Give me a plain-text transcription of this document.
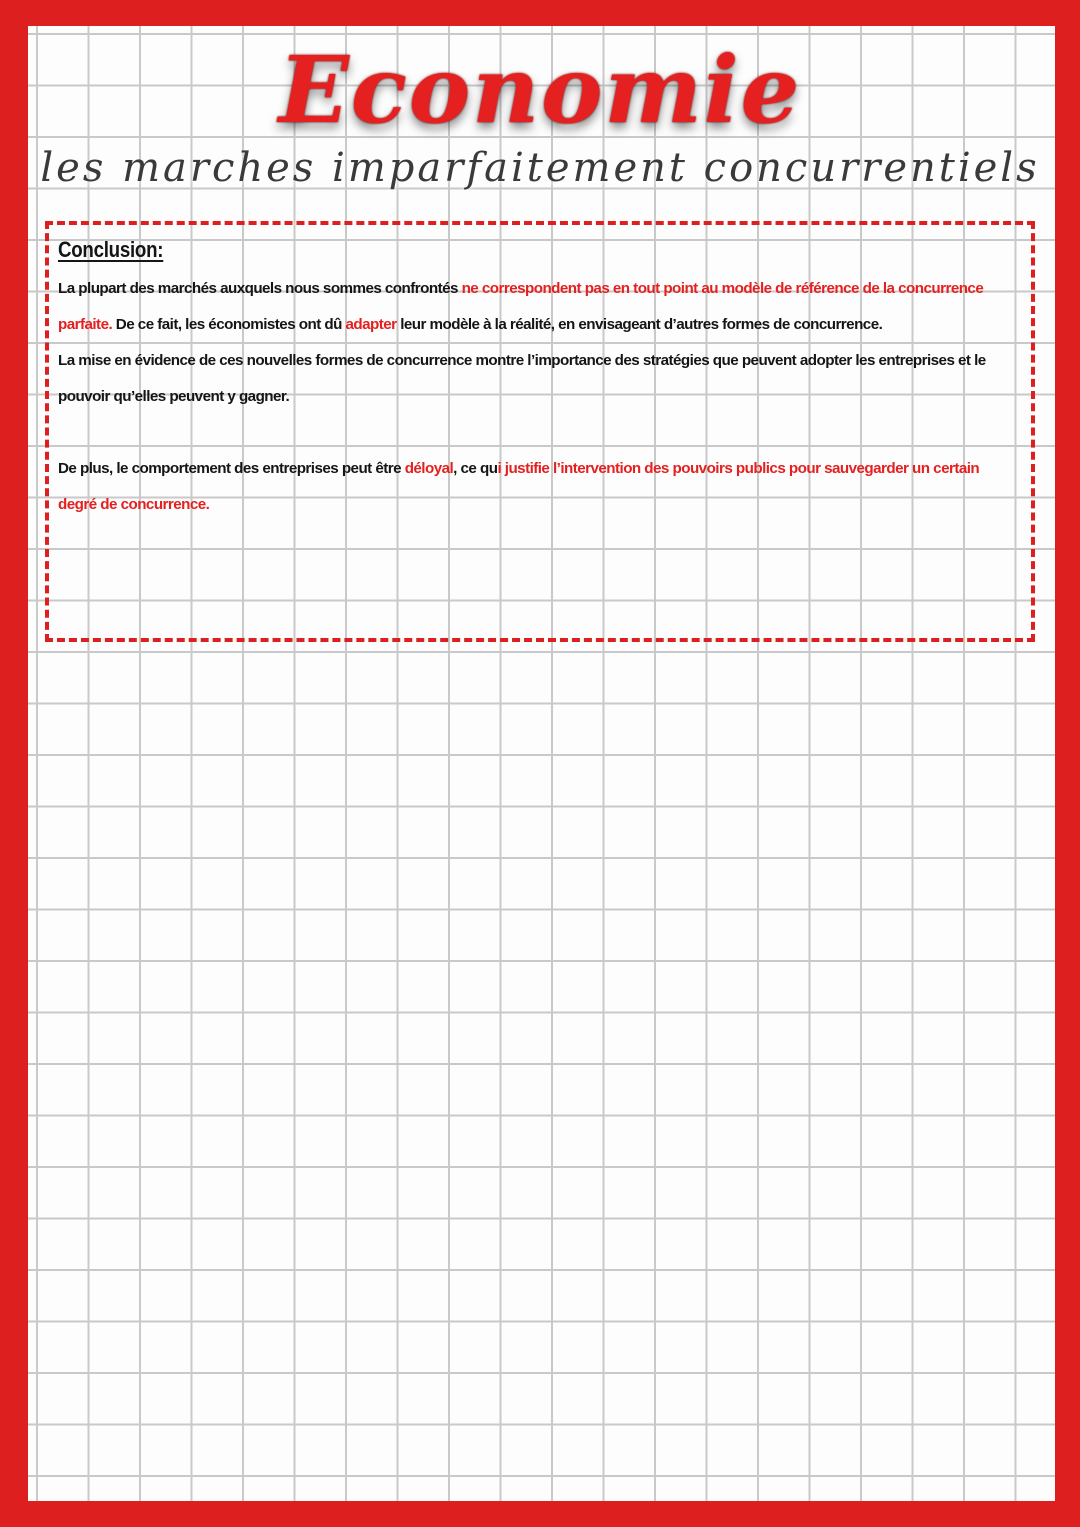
Economie
les marches imparfaitement concurrentiels
Conclusion:

La plupart des marchés auxquels nous sommes confrontés ne correspondent pas en tout point au modèle de référence de la concurrence parfaite. De ce fait, les économistes ont dû adapter leur modèle à la réalité, en envisageant d’autres formes de concurrence.

La mise en évidence de ces nouvelles formes de concurrence montre l’importance des stratégies que peuvent adopter les entreprises et le pouvoir qu’elles peuvent y gagner.

De plus, le comportement des entreprises peut être déloyal, ce qui justifie l’intervention des pouvoirs publics pour sauvegarder un certain degré de concurrence.
